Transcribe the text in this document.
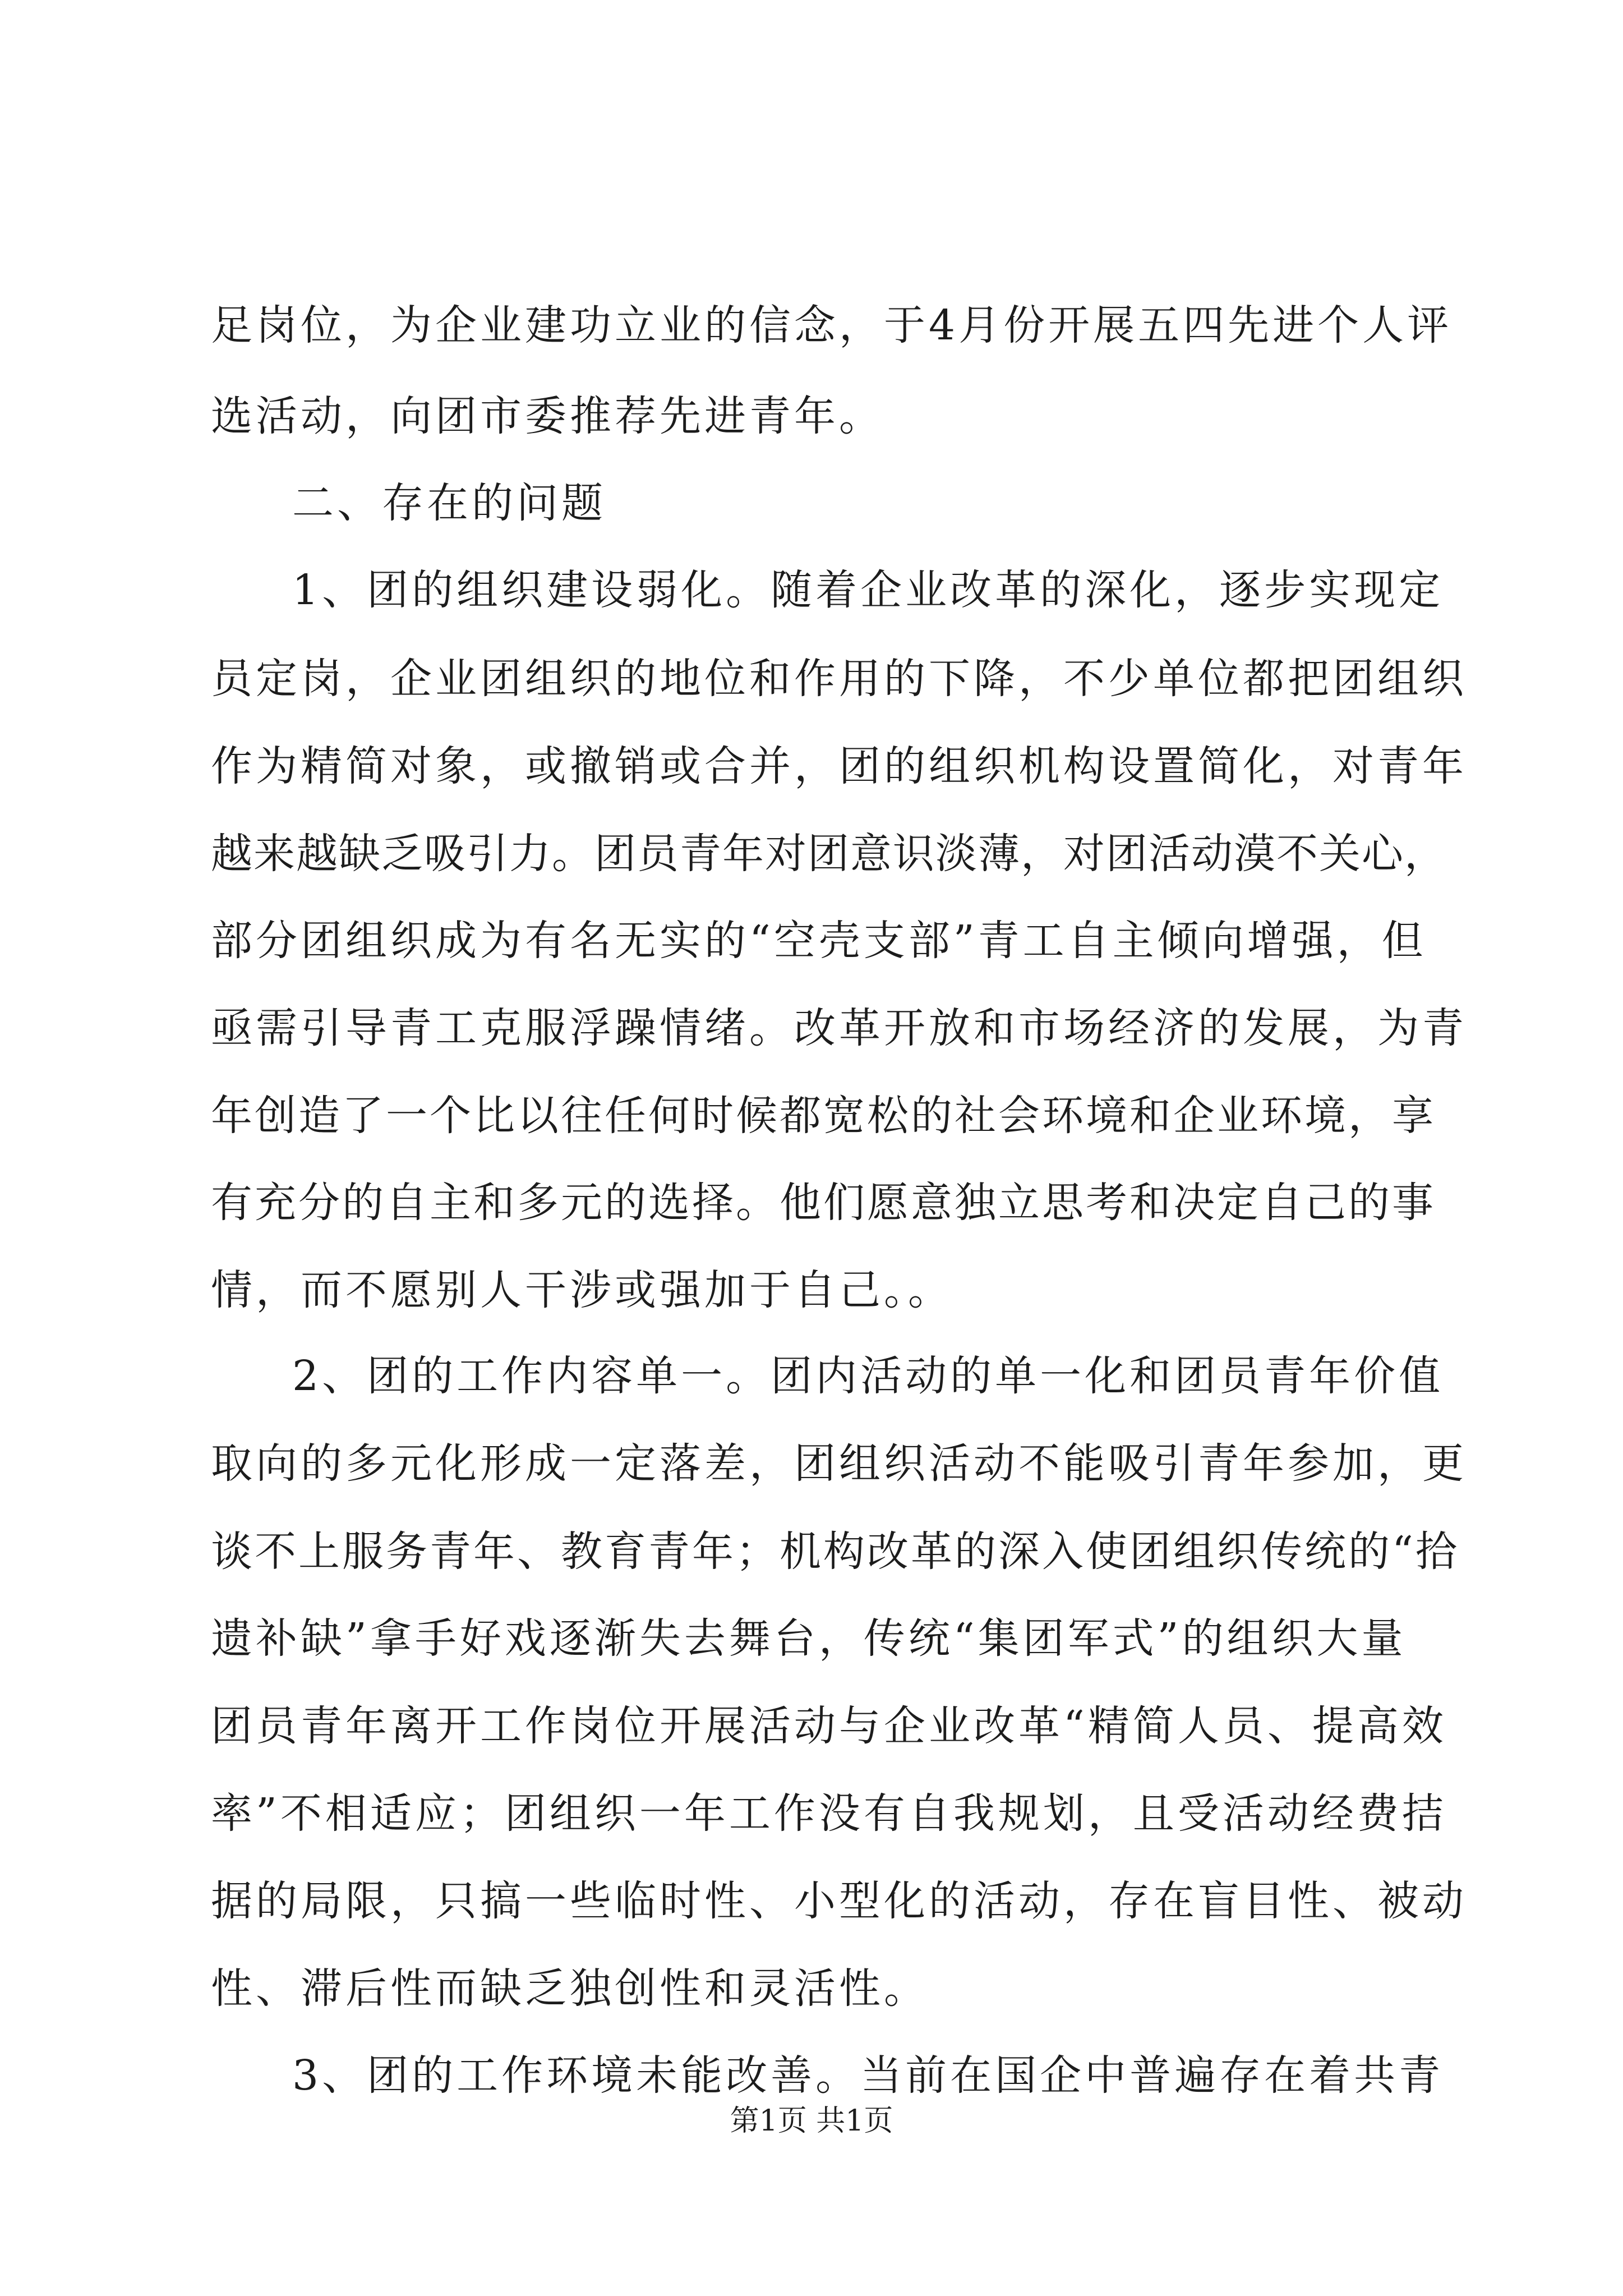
足岗位，为企业建功立业的信念，于4月份开展五四先进个人评
选活动，向团市委推荐先进青年。
二、存在的问题
1、团的组织建设弱化。随着企业改革的深化，逐步实现定
员定岗，企业团组织的地位和作用的下降，不少单位都把团组织
作为精简对象，或撤销或合并，团的组织机构设置简化，对青年
越来越缺乏吸引力。团员青年对团意识淡薄，对团活动漠不关心，
部分团组织成为有名无实的“空壳支部”青工自主倾向增强，但
亟需引导青工克服浮躁情绪。改革开放和市场经济的发展，为青
年创造了一个比以往任何时候都宽松的社会环境和企业环境，享
有充分的自主和多元的选择。他们愿意独立思考和决定自己的事
情，而不愿别人干涉或强加于自己。。
2、团的工作内容单一。团内活动的单一化和团员青年价值
取向的多元化形成一定落差，团组织活动不能吸引青年参加，更
谈不上服务青年、教育青年；机构改革的深入使团组织传统的“拾
遗补缺”拿手好戏逐渐失去舞台，传统“集团军式”的组织大量
团员青年离开工作岗位开展活动与企业改革“精简人员、提高效
率”不相适应；团组织一年工作没有自我规划，且受活动经费拮
据的局限，只搞一些临时性、小型化的活动，存在盲目性、被动
性、滞后性而缺乏独创性和灵活性。
3、团的工作环境未能改善。当前在国企中普遍存在着共青
第1页 共1页
